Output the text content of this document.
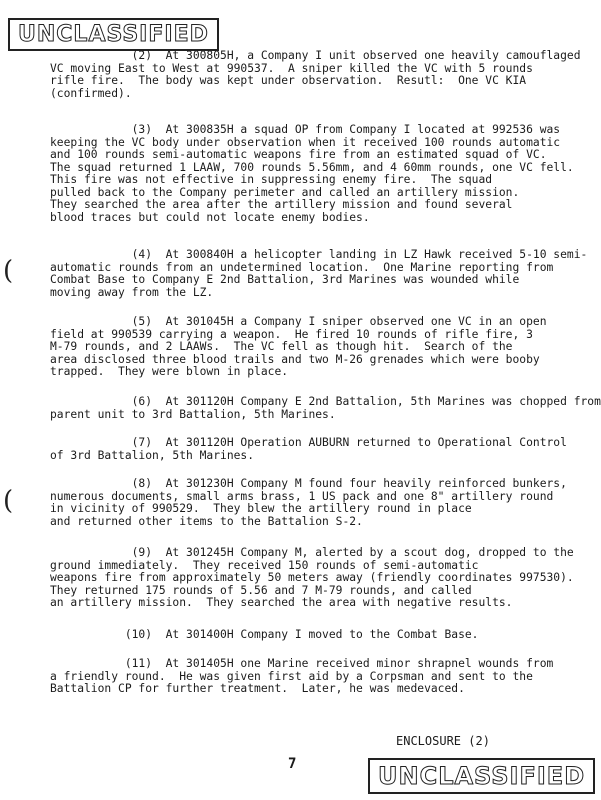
UNCLASSIFIED
(
(
(2)  At 300805H, a Company I unit observed one heavily camouflaged
VC moving East to West at 990537.  A sniper killed the VC with 5 rounds
rifle fire.  The body was kept under observation.  Resutl:  One VC KIA
(confirmed).
(3)  At 300835H a squad OP from Company I located at 992536 was
keeping the VC body under observation when it received 100 rounds automatic
and 100 rounds semi-automatic weapons fire from an estimated squad of VC.
The squad returned 1 LAAW, 700 rounds 5.56mm, and 4 60mm rounds, one VC fell.
This fire was not effective in suppressing enemy fire.  The squad
pulled back to the Company perimeter and called an artillery mission.
They searched the area after the artillery mission and found several
blood traces but could not locate enemy bodies.
(4)  At 300840H a helicopter landing in LZ Hawk received 5-10 semi-
automatic rounds from an undetermined location.  One Marine reporting from
Combat Base to Company E 2nd Battalion, 3rd Marines was wounded while
moving away from the LZ.
(5)  At 301045H a Company I sniper observed one VC in an open
field at 990539 carrying a weapon.  He fired 10 rounds of rifle fire, 3
M-79 rounds, and 2 LAAWs.  The VC fell as though hit.  Search of the
area disclosed three blood trails and two M-26 grenades which were booby
trapped.  They were blown in place.
(6)  At 301120H Company E 2nd Battalion, 5th Marines was chopped from
parent unit to 3rd Battalion, 5th Marines.
(7)  At 301120H Operation AUBURN returned to Operational Control
of 3rd Battalion, 5th Marines.
(8)  At 301230H Company M found four heavily reinforced bunkers,
numerous documents, small arms brass, 1 US pack and one 8" artillery round
in vicinity of 990529.  They blew the artillery round in place
and returned other items to the Battalion S-2.
(9)  At 301245H Company M, alerted by a scout dog, dropped to the
ground immediately.  They received 150 rounds of semi-automatic
weapons fire from approximately 50 meters away (friendly coordinates 997530).
They returned 175 rounds of 5.56 and 7 M-79 rounds, and called
an artillery mission.  They searched the area with negative results.
(10)  At 301400H Company I moved to the Combat Base.
(11)  At 301405H one Marine received minor shrapnel wounds from
a friendly round.  He was given first aid by a Corpsman and sent to the
Battalion CP for further treatment.  Later, he was medevaced.
ENCLOSURE (2)
7	UNCLASSIFIED
